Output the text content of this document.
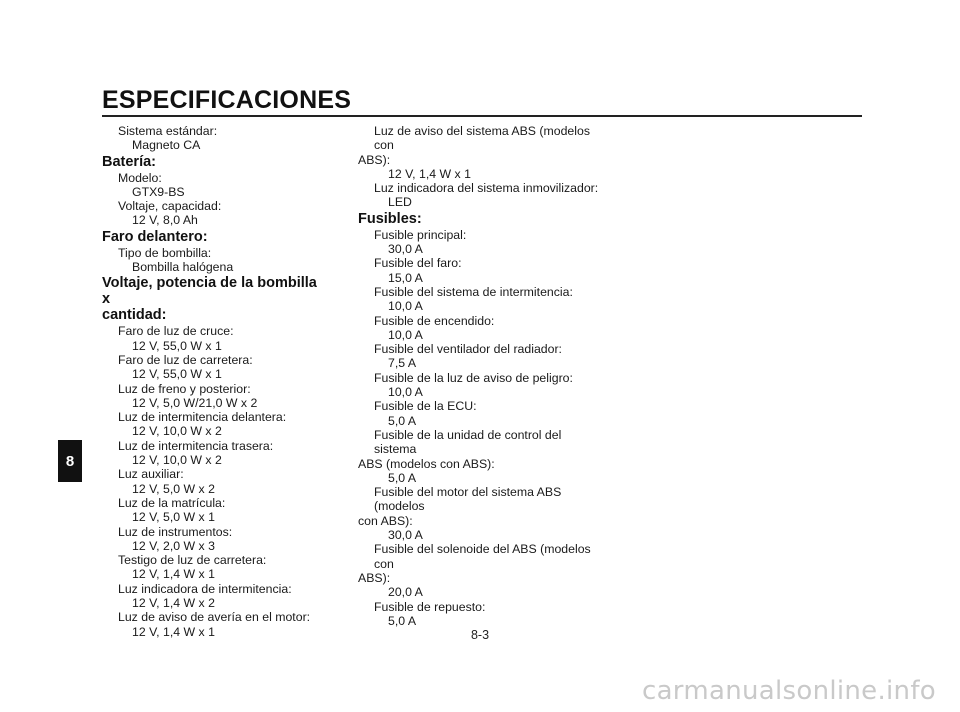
ESPECIFICACIONES
Sistema estándar:
Magneto CA
Batería:
Modelo:
GTX9-BS
Voltaje, capacidad:
12 V, 8,0 Ah
Faro delantero:
Tipo de bombilla:
Bombilla halógena
Voltaje, potencia de la bombilla x
cantidad:
Faro de luz de cruce:
12 V, 55,0 W x 1
Faro de luz de carretera:
12 V, 55,0 W x 1
Luz de freno y posterior:
12 V, 5,0 W/21,0 W x 2
Luz de intermitencia delantera:
12 V, 10,0 W x 2
Luz de intermitencia trasera:
12 V, 10,0 W x 2
Luz auxiliar:
12 V, 5,0 W x 2
Luz de la matrícula:
12 V, 5,0 W x 1
Luz de instrumentos:
12 V, 2,0 W x 3
Testigo de luz de carretera:
12 V, 1,4 W x 1
Luz indicadora de intermitencia:
12 V, 1,4 W x 2
Luz de aviso de avería en el motor:
12 V, 1,4 W x 1
Luz de aviso del sistema ABS (modelos con
ABS):
12 V, 1,4 W x 1
Luz indicadora del sistema inmovilizador:
LED
Fusibles:
Fusible principal:
30,0 A
Fusible del faro:
15,0 A
Fusible del sistema de intermitencia:
10,0 A
Fusible de encendido:
10,0 A
Fusible del ventilador del radiador:
7,5 A
Fusible de la luz de aviso de peligro:
10,0 A
Fusible de la ECU:
5,0 A
Fusible de la unidad de control del sistema
ABS (modelos con ABS):
5,0 A
Fusible del motor del sistema ABS (modelos
con ABS):
30,0 A
Fusible del solenoide del ABS (modelos con
ABS):
20,0 A
Fusible de repuesto:
5,0 A
8
8-3
carmanualsonline.info
